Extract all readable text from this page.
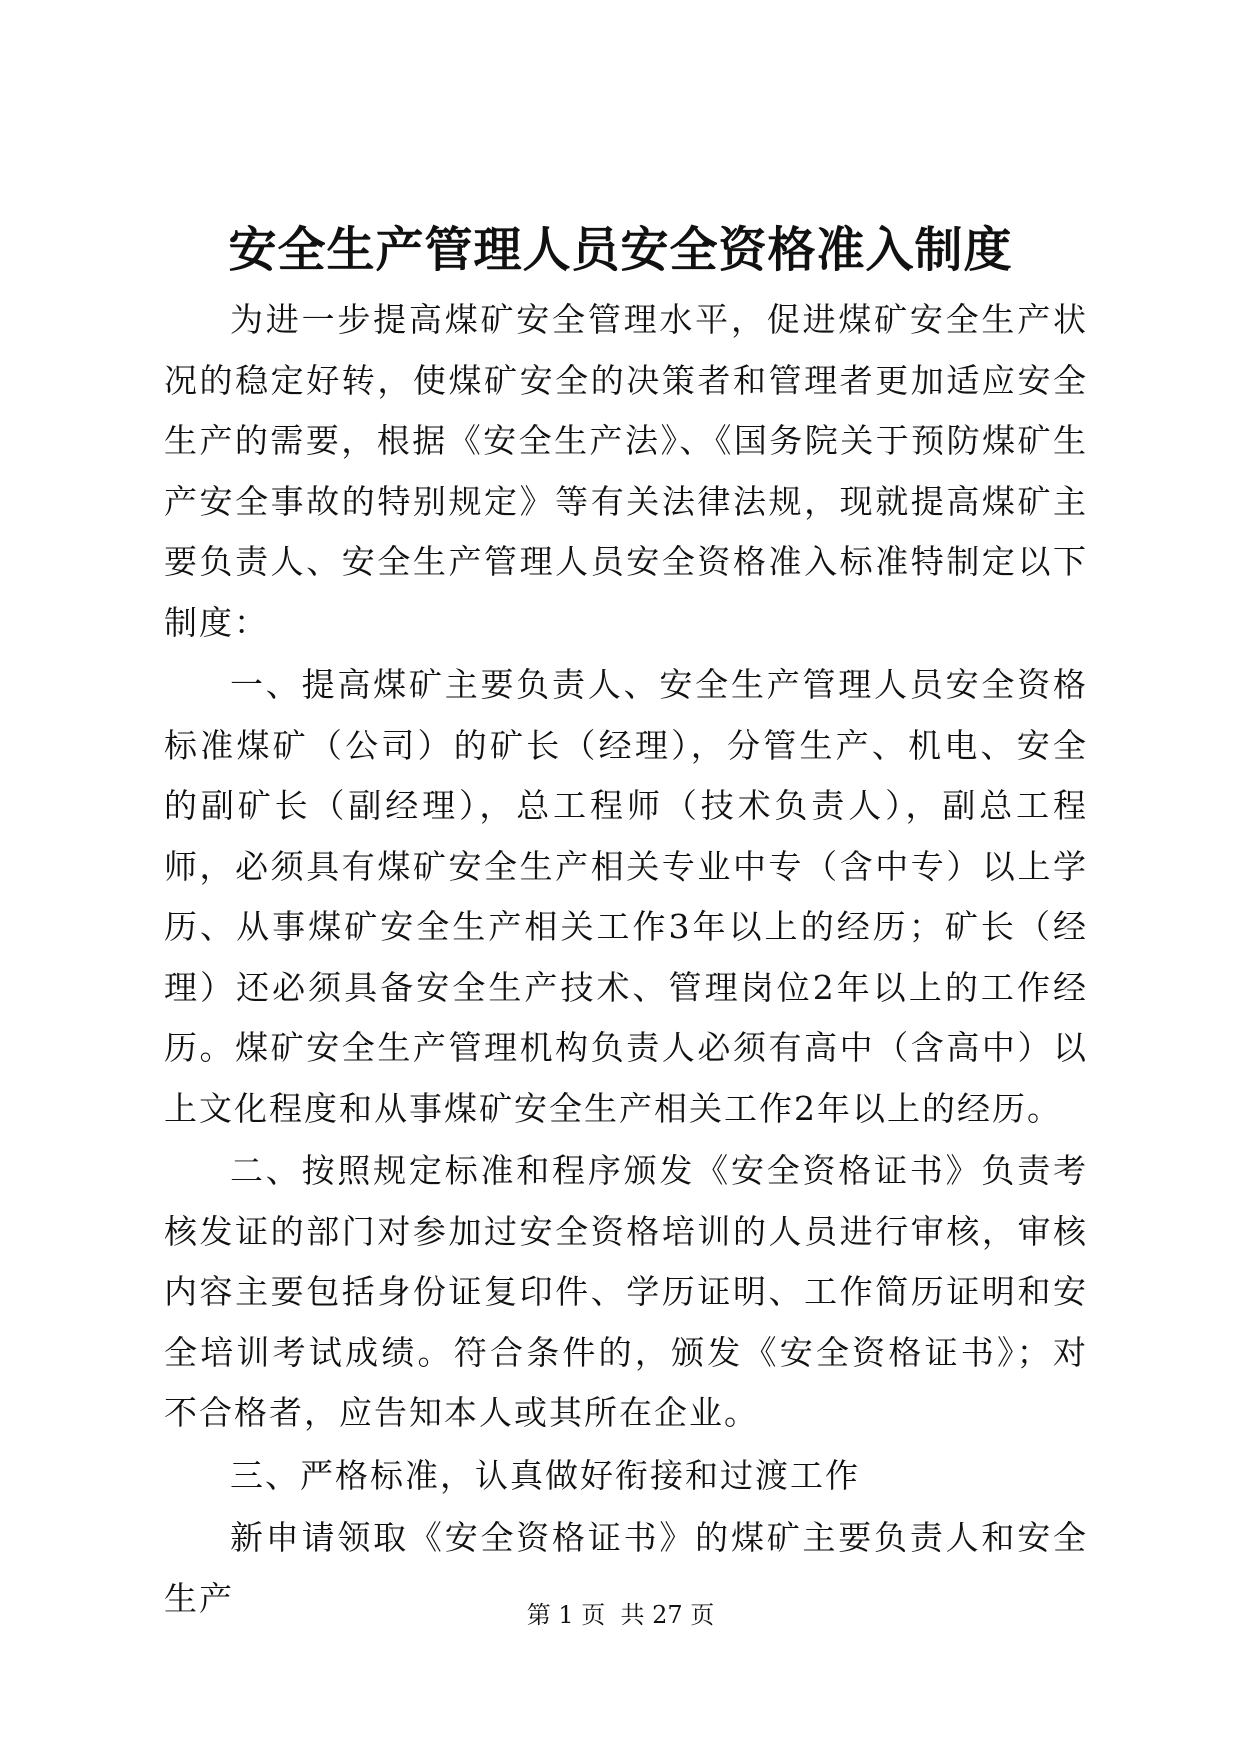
安全生产管理人员安全资格准入制度

为进一步提高煤矿安全管理水平，促进煤矿安全生产状况的稳定好转，使煤矿安全的决策者和管理者更加适应安全生产的需要，根据《安全生产法》、《国务院关于预防煤矿生产安全事故的特别规定》等有关法律法规，现就提高煤矿主要负责人、安全生产管理人员安全资格准入标准特制定以下制度：

一、提高煤矿主要负责人、安全生产管理人员安全资格标准煤矿（公司）的矿长（经理），分管生产、机电、安全的副矿长（副经理），总工程师（技术负责人），副总工程师，必须具有煤矿安全生产相关专业中专（含中专）以上学历、从事煤矿安全生产相关工作3年以上的经历；矿长（经理）还必须具备安全生产技术、管理岗位2年以上的工作经历。煤矿安全生产管理机构负责人必须有高中（含高中）以上文化程度和从事煤矿安全生产相关工作2年以上的经历。

二、按照规定标准和程序颁发《安全资格证书》负责考核发证的部门对参加过安全资格培训的人员进行审核，审核内容主要包括身份证复印件、学历证明、工作简历证明和安全培训考试成绩。符合条件的，颁发《安全资格证书》；对不合格者，应告知本人或其所在企业。

三、严格标准，认真做好衔接和过渡工作

新申请领取《安全资格证书》的煤矿主要负责人和安全生产	第 1 页  共 27 页
